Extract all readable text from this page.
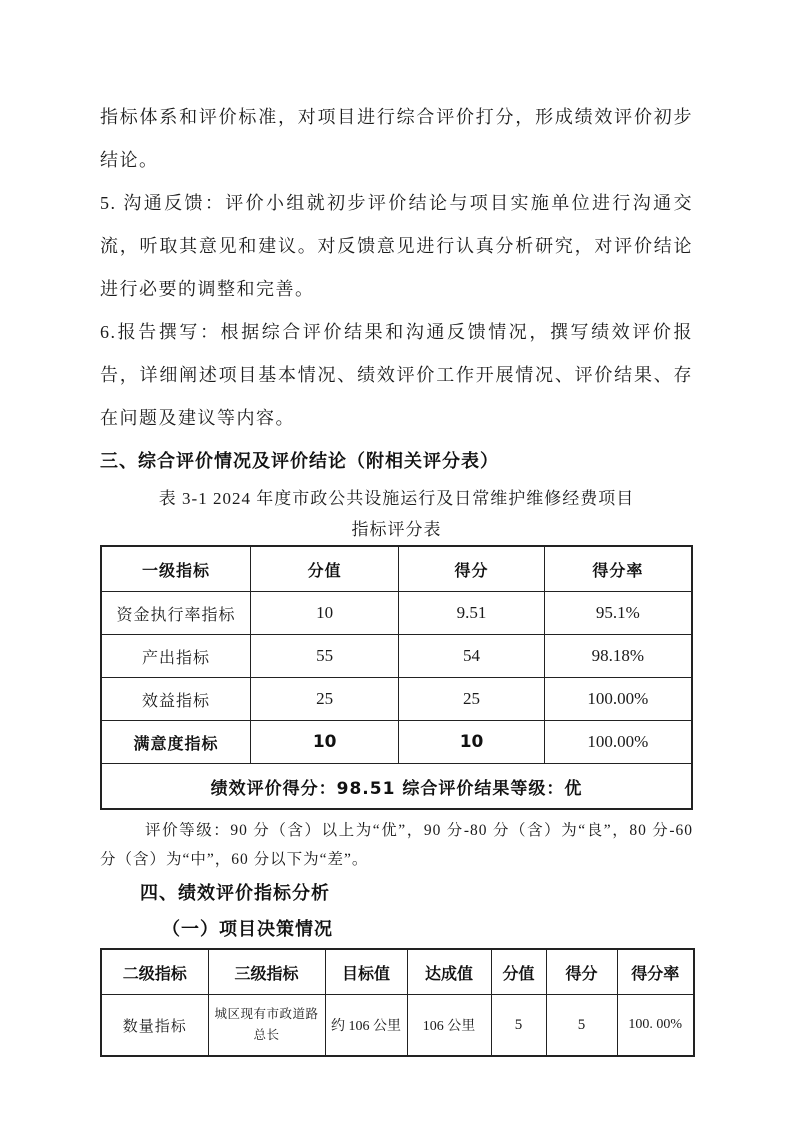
指标体系和评价标准，对项目进行综合评价打分，形成绩效评价初步结论。

5. 沟通反馈：评价小组就初步评价结论与项目实施单位进行沟通交流，听取其意见和建议。对反馈意见进行认真分析研究，对评价结论进行必要的调整和完善。

6.报告撰写：根据综合评价结果和沟通反馈情况，撰写绩效评价报告，详细阐述项目基本情况、绩效评价工作开展情况、评价结果、存在问题及建议等内容。

三、综合评价情况及评价结论（附相关评分表）
表 3-1 2024 年度市政公共设施运行及日常维护维修经费项目
指标评分表
一级指标	分值	得分	得分率
资金执行率指标	10	9.51	95.1%
产出指标	55	54	98.18%
效益指标	25	25	100.00%
满意度指标	10	10	100.00%
绩效评价得分：98.51 综合评价结果等级：优			

评价等级：90 分（含）以上为“优”，90 分-80 分（含）为“良”，80 分-60 分（含）为“中”，60 分以下为“差”。

四、绩效评价指标分析
（一）项目决策情况
二级指标	三级指标	目标值	达成值	分值	得分	得分率
数量指标	城区现有市政道路总长	约 106 公里	106 公里	5	5	100. 00%
